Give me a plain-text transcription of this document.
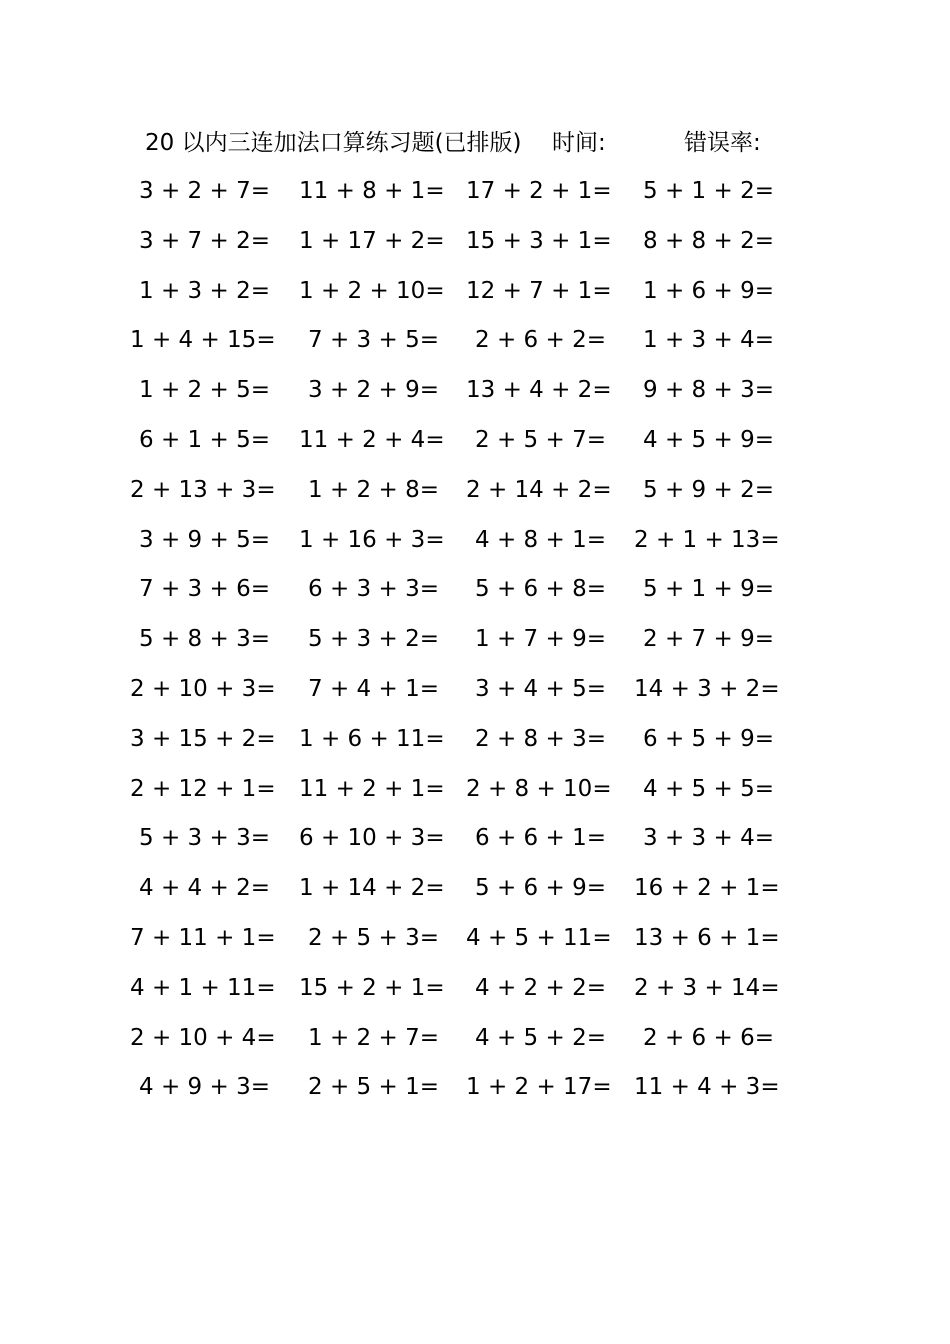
20 以内三连加法口算练习题(已排版) 时间:	错误率:
3 + 2 + 7= 11 + 8 + 1= 17 + 2 + 1=	5 + 1 + 2=
3 + 7 + 2= 1 + 17 + 2= 15 + 3 + 1=	8 + 8 + 2=
1 + 3 + 2= 1 + 2 + 10= 12 + 7 + 1=	1 + 6 + 9=
1 + 4 + 15=	7 + 3 + 5=	2 + 6 + 2=	1 + 3 + 4=
1 + 2 + 5=	3 + 2 + 9= 13 + 4 + 2=	9 + 8 + 3=
6 + 1 + 5= 11 + 2 + 4=	2 + 5 + 7=	4 + 5 + 9=
2 + 13 + 3=	1 + 2 + 8= 2 + 14 + 2=	5 + 9 + 2=
3 + 9 + 5= 1 + 16 + 3=	4 + 8 + 1= 2 + 1 + 13=
7 + 3 + 6=	6 + 3 + 3=	5 + 6 + 8=	5 + 1 + 9=
5 + 8 + 3=	5 + 3 + 2=	1 + 7 + 9=	2 + 7 + 9=
2 + 10 + 3=	7 + 4 + 1=	3 + 4 + 5= 14 + 3 + 2=
3 + 15 + 2= 1 + 6 + 11=	2 + 8 + 3=	6 + 5 + 9=
2 + 12 + 1= 11 + 2 + 1= 2 + 8 + 10=	4 + 5 + 5=
5 + 3 + 3= 6 + 10 + 3=	6 + 6 + 1=	3 + 3 + 4=
4 + 4 + 2= 1 + 14 + 2=	5 + 6 + 9= 16 + 2 + 1=
7 + 11 + 1=	2 + 5 + 3= 4 + 5 + 11= 13 + 6 + 1=
4 + 1 + 11= 15 + 2 + 1=	4 + 2 + 2= 2 + 3 + 14=
2 + 10 + 4=	1 + 2 + 7=	4 + 5 + 2=	2 + 6 + 6=
4 + 9 + 3=	2 + 5 + 1= 1 + 2 + 17= 11 + 4 + 3=
